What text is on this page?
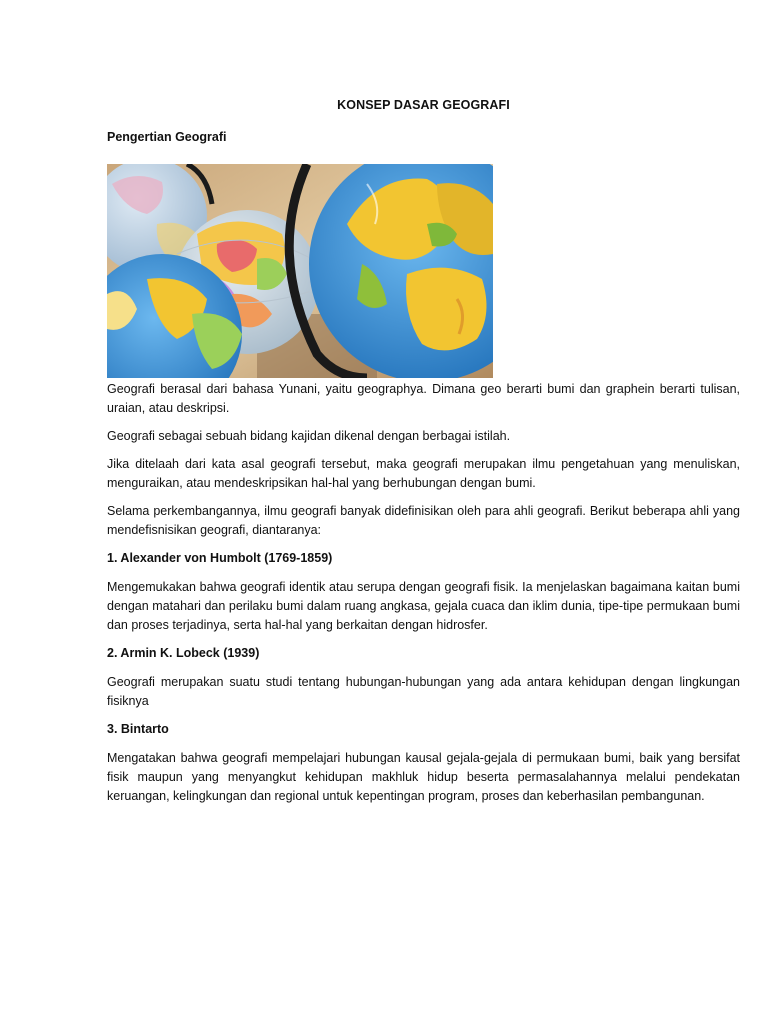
KONSEP DASAR GEOGRAFI
Pengertian Geografi

Geografi berasal dari bahasa Yunani, yaitu geographya. Dimana geo berarti bumi dan graphein berarti tulisan, uraian, atau deskripsi.

Geografi sebagai sebuah bidang kajidan dikenal dengan berbagai istilah.

Jika ditelaah dari kata asal geografi tersebut, maka geografi merupakan ilmu pengetahuan yang menuliskan, menguraikan, atau mendeskripsikan hal-hal yang berhubungan dengan bumi.

Selama perkembangannya, ilmu geografi banyak didefinisikan oleh para ahli geografi. Berikut beberapa ahli yang mendefisnisikan geografi, diantaranya:

1. Alexander von Humbolt (1769-1859)

Mengemukakan bahwa geografi identik atau serupa dengan geografi fisik. Ia menjelaskan bagaimana kaitan bumi dengan matahari dan perilaku bumi dalam ruang angkasa, gejala cuaca dan iklim dunia, tipe-tipe permukaan bumi dan proses terjadinya, serta hal-hal yang berkaitan dengan hidrosfer.

2. Armin K. Lobeck (1939)

Geografi merupakan suatu studi tentang hubungan-hubungan yang ada antara kehidupan dengan lingkungan fisiknya

3. Bintarto

Mengatakan bahwa geografi mempelajari hubungan kausal gejala-gejala di permukaan bumi, baik yang bersifat fisik maupun yang menyangkut kehidupan makhluk hidup beserta permasalahannya melalui pendekatan keruangan, kelingkungan dan regional untuk kepentingan program, proses dan keberhasilan pembangunan.
